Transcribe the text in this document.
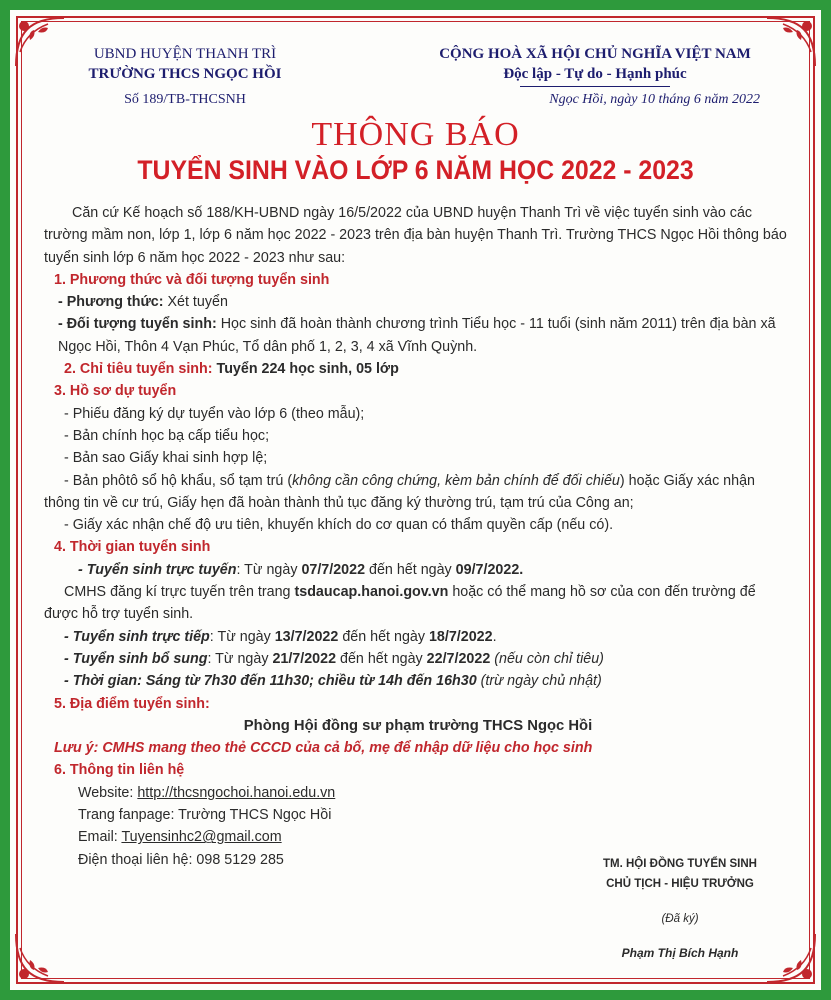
UBND HUYỆN THANH TRÌ
TRƯỜNG THCS NGỌC HỒI
Số 189/TB-THCSNH
CỘNG HOÀ XÃ HỘI CHỦ NGHĨA VIỆT NAM
Độc lập - Tự do - Hạnh phúc
Ngọc Hồi, ngày 10 tháng 6 năm 2022
THÔNG BÁO
TUYỂN SINH VÀO LỚP 6 NĂM HỌC 2022 - 2023

Căn cứ Kế hoạch số 188/KH-UBND ngày 16/5/2022 của UBND huyện Thanh Trì về việc tuyển sinh vào các trường mầm non, lớp 1, lớp 6 năm học 2022 - 2023 trên địa bàn huyện Thanh Trì. Trường THCS Ngọc Hồi thông báo tuyển sinh lớp 6 năm học 2022 - 2023 như sau:

1. Phương thức và đối tượng tuyển sinh

- Phương thức: Xét tuyển

- Đối tượng tuyển sinh: Học sinh đã hoàn thành chương trình Tiểu học - 11 tuổi (sinh năm 2011) trên địa bàn xã Ngọc Hồi, Thôn 4 Vạn Phúc, Tổ dân phố 1, 2, 3, 4 xã Vĩnh Quỳnh.

2. Chỉ tiêu tuyển sinh: Tuyển 224 học sinh, 05 lớp

3. Hồ sơ dự tuyển

- Phiếu đăng ký dự tuyển vào lớp 6 (theo mẫu);

- Bản chính học bạ cấp tiểu học;

- Bản sao Giấy khai sinh hợp lệ;

- Bản phôtô sổ hộ khẩu, sổ tạm trú (không cần công chứng, kèm bản chính để đối chiếu) hoặc Giấy xác nhận thông tin về cư trú, Giấy hẹn đã hoàn thành thủ tục đăng ký thường trú, tạm trú của Công an;

- Giấy xác nhận chế độ ưu tiên, khuyến khích do cơ quan có thẩm quyền cấp (nếu có).

4. Thời gian tuyển sinh

- Tuyển sinh trực tuyến: Từ ngày 07/7/2022 đến hết ngày 09/7/2022.

CMHS đăng kí trực tuyến trên trang tsdaucap.hanoi.gov.vn hoặc có thể mang hồ sơ của con đến trường để được hỗ trợ tuyển sinh.

- Tuyển sinh trực tiếp: Từ ngày 13/7/2022 đến hết ngày 18/7/2022.

- Tuyển sinh bổ sung: Từ ngày 21/7/2022 đến hết ngày 22/7/2022 (nếu còn chỉ tiêu)

- Thời gian: Sáng từ 7h30 đến 11h30; chiều từ 14h đến 16h30 (trừ ngày chủ nhật)

5. Địa điểm tuyển sinh:

Phòng Hội đồng sư phạm trường THCS Ngọc Hồi

Lưu ý: CMHS mang theo thẻ CCCD của cả bố, mẹ để nhập dữ liệu cho học sinh

6. Thông tin liên hệ

Website: http://thcsngochoi.hanoi.edu.vn

Trang fanpage: Trường THCS Ngọc Hồi

Email: Tuyensinhc2@gmail.com

Điện thoại liên hệ: 098 5129 285	TM. HỘI ĐỒNG TUYỂN SINH
CHỦ TỊCH - HIỆU TRƯỞNG
(Đã ký)
Phạm Thị Bích Hạnh
